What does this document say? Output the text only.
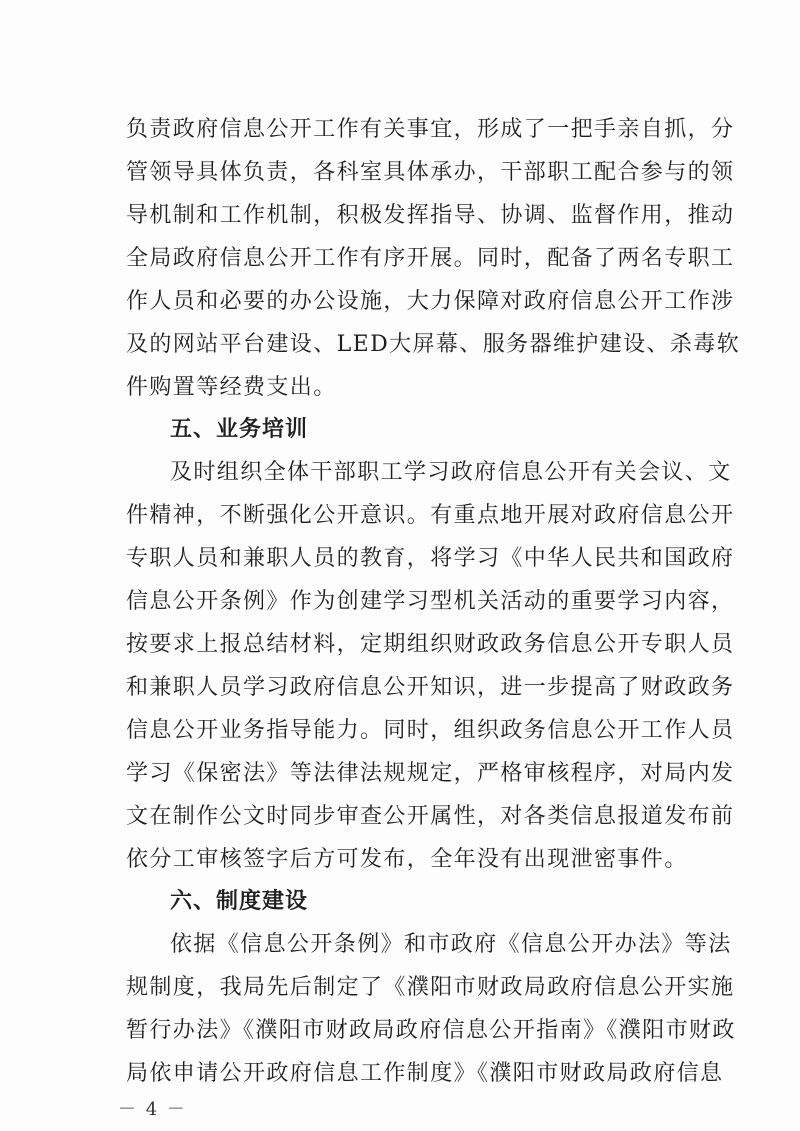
负责政府信息公开工作有关事宜，形成了一把手亲自抓，分
管领导具体负责，各科室具体承办，干部职工配合参与的领
导机制和工作机制，积极发挥指导、协调、监督作用，推动
全局政府信息公开工作有序开展。同时，配备了两名专职工
作人员和必要的办公设施，大力保障对政府信息公开工作涉
及的网站平台建设、LED大屏幕、服务器维护建设、杀毒软
件购置等经费支出。
五、业务培训
及时组织全体干部职工学习政府信息公开有关会议、文
件精神，不断强化公开意识。有重点地开展对政府信息公开
专职人员和兼职人员的教育，将学习《中华人民共和国政府
信息公开条例》作为创建学习型机关活动的重要学习内容，
按要求上报总结材料，定期组织财政政务信息公开专职人员
和兼职人员学习政府信息公开知识，进一步提高了财政政务
信息公开业务指导能力。同时，组织政务信息公开工作人员
学习《保密法》等法律法规规定，严格审核程序，对局内发
文在制作公文时同步审查公开属性，对各类信息报道发布前
依分工审核签字后方可发布，全年没有出现泄密事件。
六、制度建设
依据《信息公开条例》和市政府《信息公开办法》等法
规制度，我局先后制定了《濮阳市财政局政府信息公开实施
暂行办法》《濮阳市财政局政府信息公开指南》《濮阳市财政
局依申请公开政府信息工作制度》《濮阳市财政局政府信息
－ 4 －
